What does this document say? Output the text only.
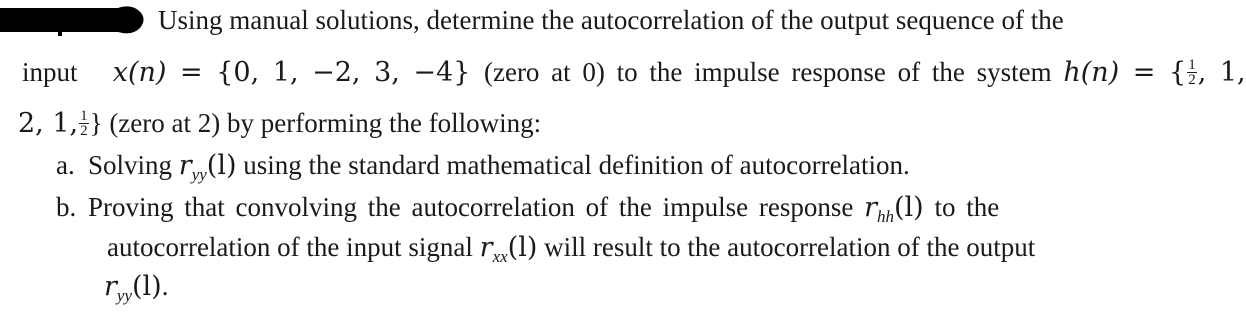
Using manual solutions, determine the autocorrelation of the output sequence of the
input x(n) = {0, 1, −2, 3, −4} (zero at 0) to the impulse response of the system h(n) = { $\frac{1}{2}$ , 1,
2, 1, $\frac{1}{2}$ } (zero at 2) by performing the following:
a. Solving $r_{yy}(l)$ using the standard mathematical definition of autocorrelation.
b. Proving that convolving the autocorrelation of the impulse response $r_{hh}(l)$ to the
autocorrelation of the input signal $r_{xx}(l)$ will result to the autocorrelation of the output
$r_{yy}(l)$.
